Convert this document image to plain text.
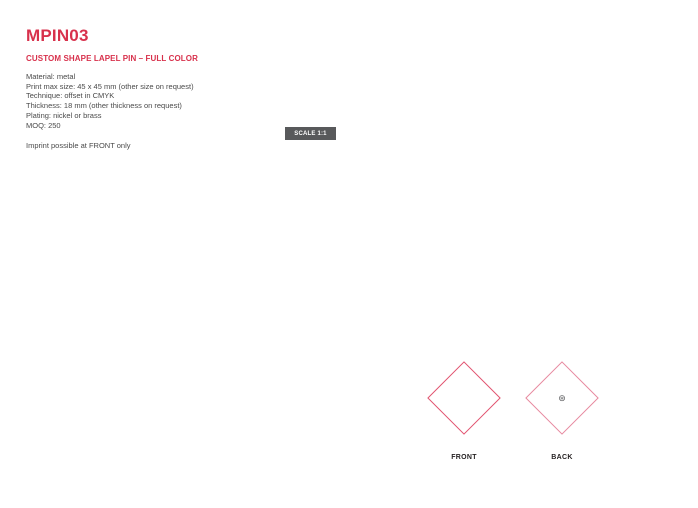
MPIN03
CUSTOM SHAPE LAPEL PIN – FULL COLOR
Material: metal
Print max size: 45 x 45 mm (other size on request)
Technique: offset in CMYK
Thickness: 18 mm (other thickness on request)
Plating: nickel or brass
MOQ: 250
Imprint possible at FRONT only
SCALE 1:1
FRONT
⊛
BACK
